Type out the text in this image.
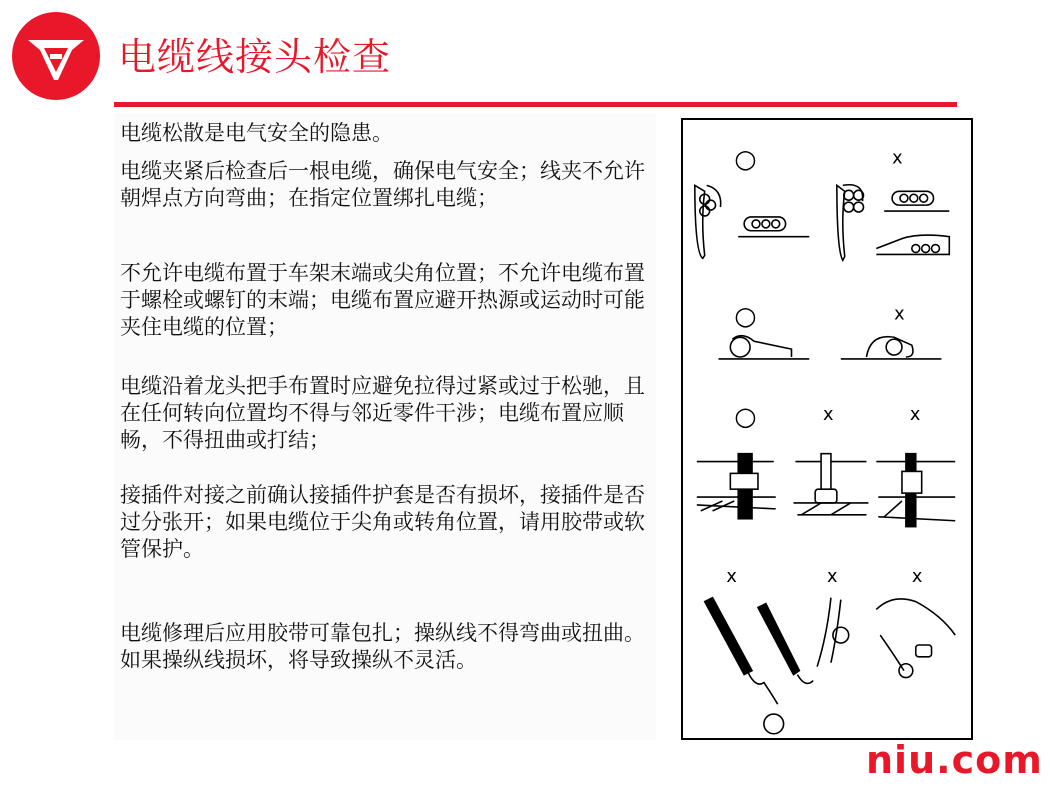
电缆线接头检查

电缆松散是电气安全的隐患。

电缆夹紧后检查后一根电缆，确保电气安全；线夹不允许朝焊点方向弯曲；在指定位置绑扎电缆；

不允许电缆布置于车架末端或尖角位置；不允许电缆布置于螺栓或螺钉的末端；电缆布置应避开热源或运动时可能夹住电缆的位置；

电缆沿着龙头把手布置时应避免拉得过紧或过于松驰，且在任何转向位置均不得与邻近零件干涉；电缆布置应顺畅，不得扭曲或打结；

接插件对接之前确认接插件护套是否有损坏，接插件是否过分张开；如果电缆位于尖角或转角位置，请用胶带或软管保护。

电缆修理后应用胶带可靠包扎；操纵线不得弯曲或扭曲。如果操纵线损坏，将导致操纵不灵活。

○	x
○	x
○	x	x
x	x	x
niu.com
